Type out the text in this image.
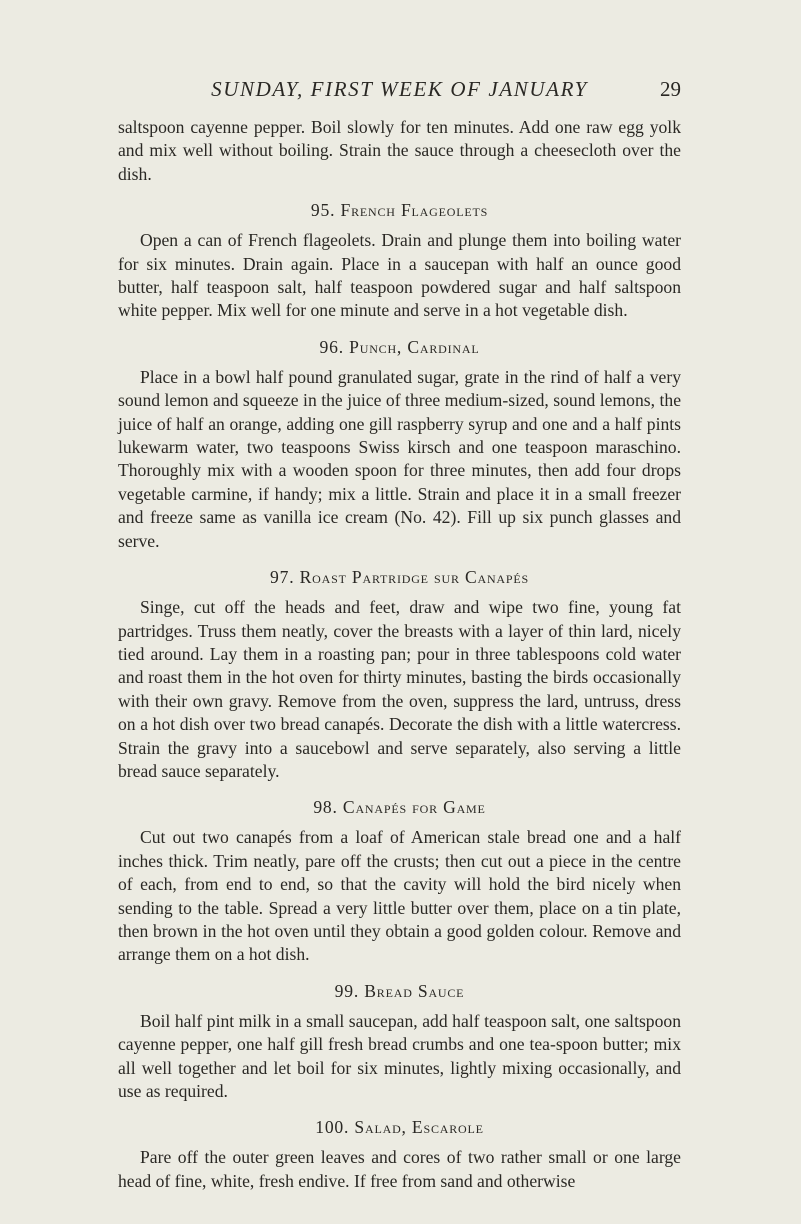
SUNDAY, FIRST WEEK OF JANUARY	29

saltspoon cayenne pepper. Boil slowly for ten minutes. Add one raw egg yolk and mix well without boiling. Strain the sauce through a cheesecloth over the dish.

95. French Flageolets

Open a can of French flageolets. Drain and plunge them into boiling water for six minutes. Drain again. Place in a saucepan with half an ounce good butter, half teaspoon salt, half teaspoon powdered sugar and half saltspoon white pepper. Mix well for one minute and serve in a hot vegetable dish.

96. Punch, Cardinal

Place in a bowl half pound granulated sugar, grate in the rind of half a very sound lemon and squeeze in the juice of three medium-sized, sound lemons, the juice of half an orange, adding one gill raspberry syrup and one and a half pints lukewarm water, two teaspoons Swiss kirsch and one teaspoon maraschino. Thoroughly mix with a wooden spoon for three minutes, then add four drops vegetable carmine, if handy; mix a little. Strain and place it in a small freezer and freeze same as vanilla ice cream (No. 42). Fill up six punch glasses and serve.

97. Roast Partridge sur Canapés

Singe, cut off the heads and feet, draw and wipe two fine, young fat partridges. Truss them neatly, cover the breasts with a layer of thin lard, nicely tied around. Lay them in a roasting pan; pour in three tablespoons cold water and roast them in the hot oven for thirty minutes, basting the birds occasionally with their own gravy. Remove from the oven, suppress the lard, untruss, dress on a hot dish over two bread canapés. Decorate the dish with a little watercress. Strain the gravy into a saucebowl and serve separately, also serving a little bread sauce separately.

98. Canapés for Game

Cut out two canapés from a loaf of American stale bread one and a half inches thick. Trim neatly, pare off the crusts; then cut out a piece in the centre of each, from end to end, so that the cavity will hold the bird nicely when sending to the table. Spread a very little butter over them, place on a tin plate, then brown in the hot oven until they obtain a good golden colour. Remove and arrange them on a hot dish.

99. Bread Sauce

Boil half pint milk in a small saucepan, add half teaspoon salt, one saltspoon cayenne pepper, one half gill fresh bread crumbs and one tea-spoon butter; mix all well together and let boil for six minutes, lightly mixing occasionally, and use as required.

100. Salad, Escarole

Pare off the outer green leaves and cores of two rather small or one large head of fine, white, fresh endive. If free from sand and otherwise
